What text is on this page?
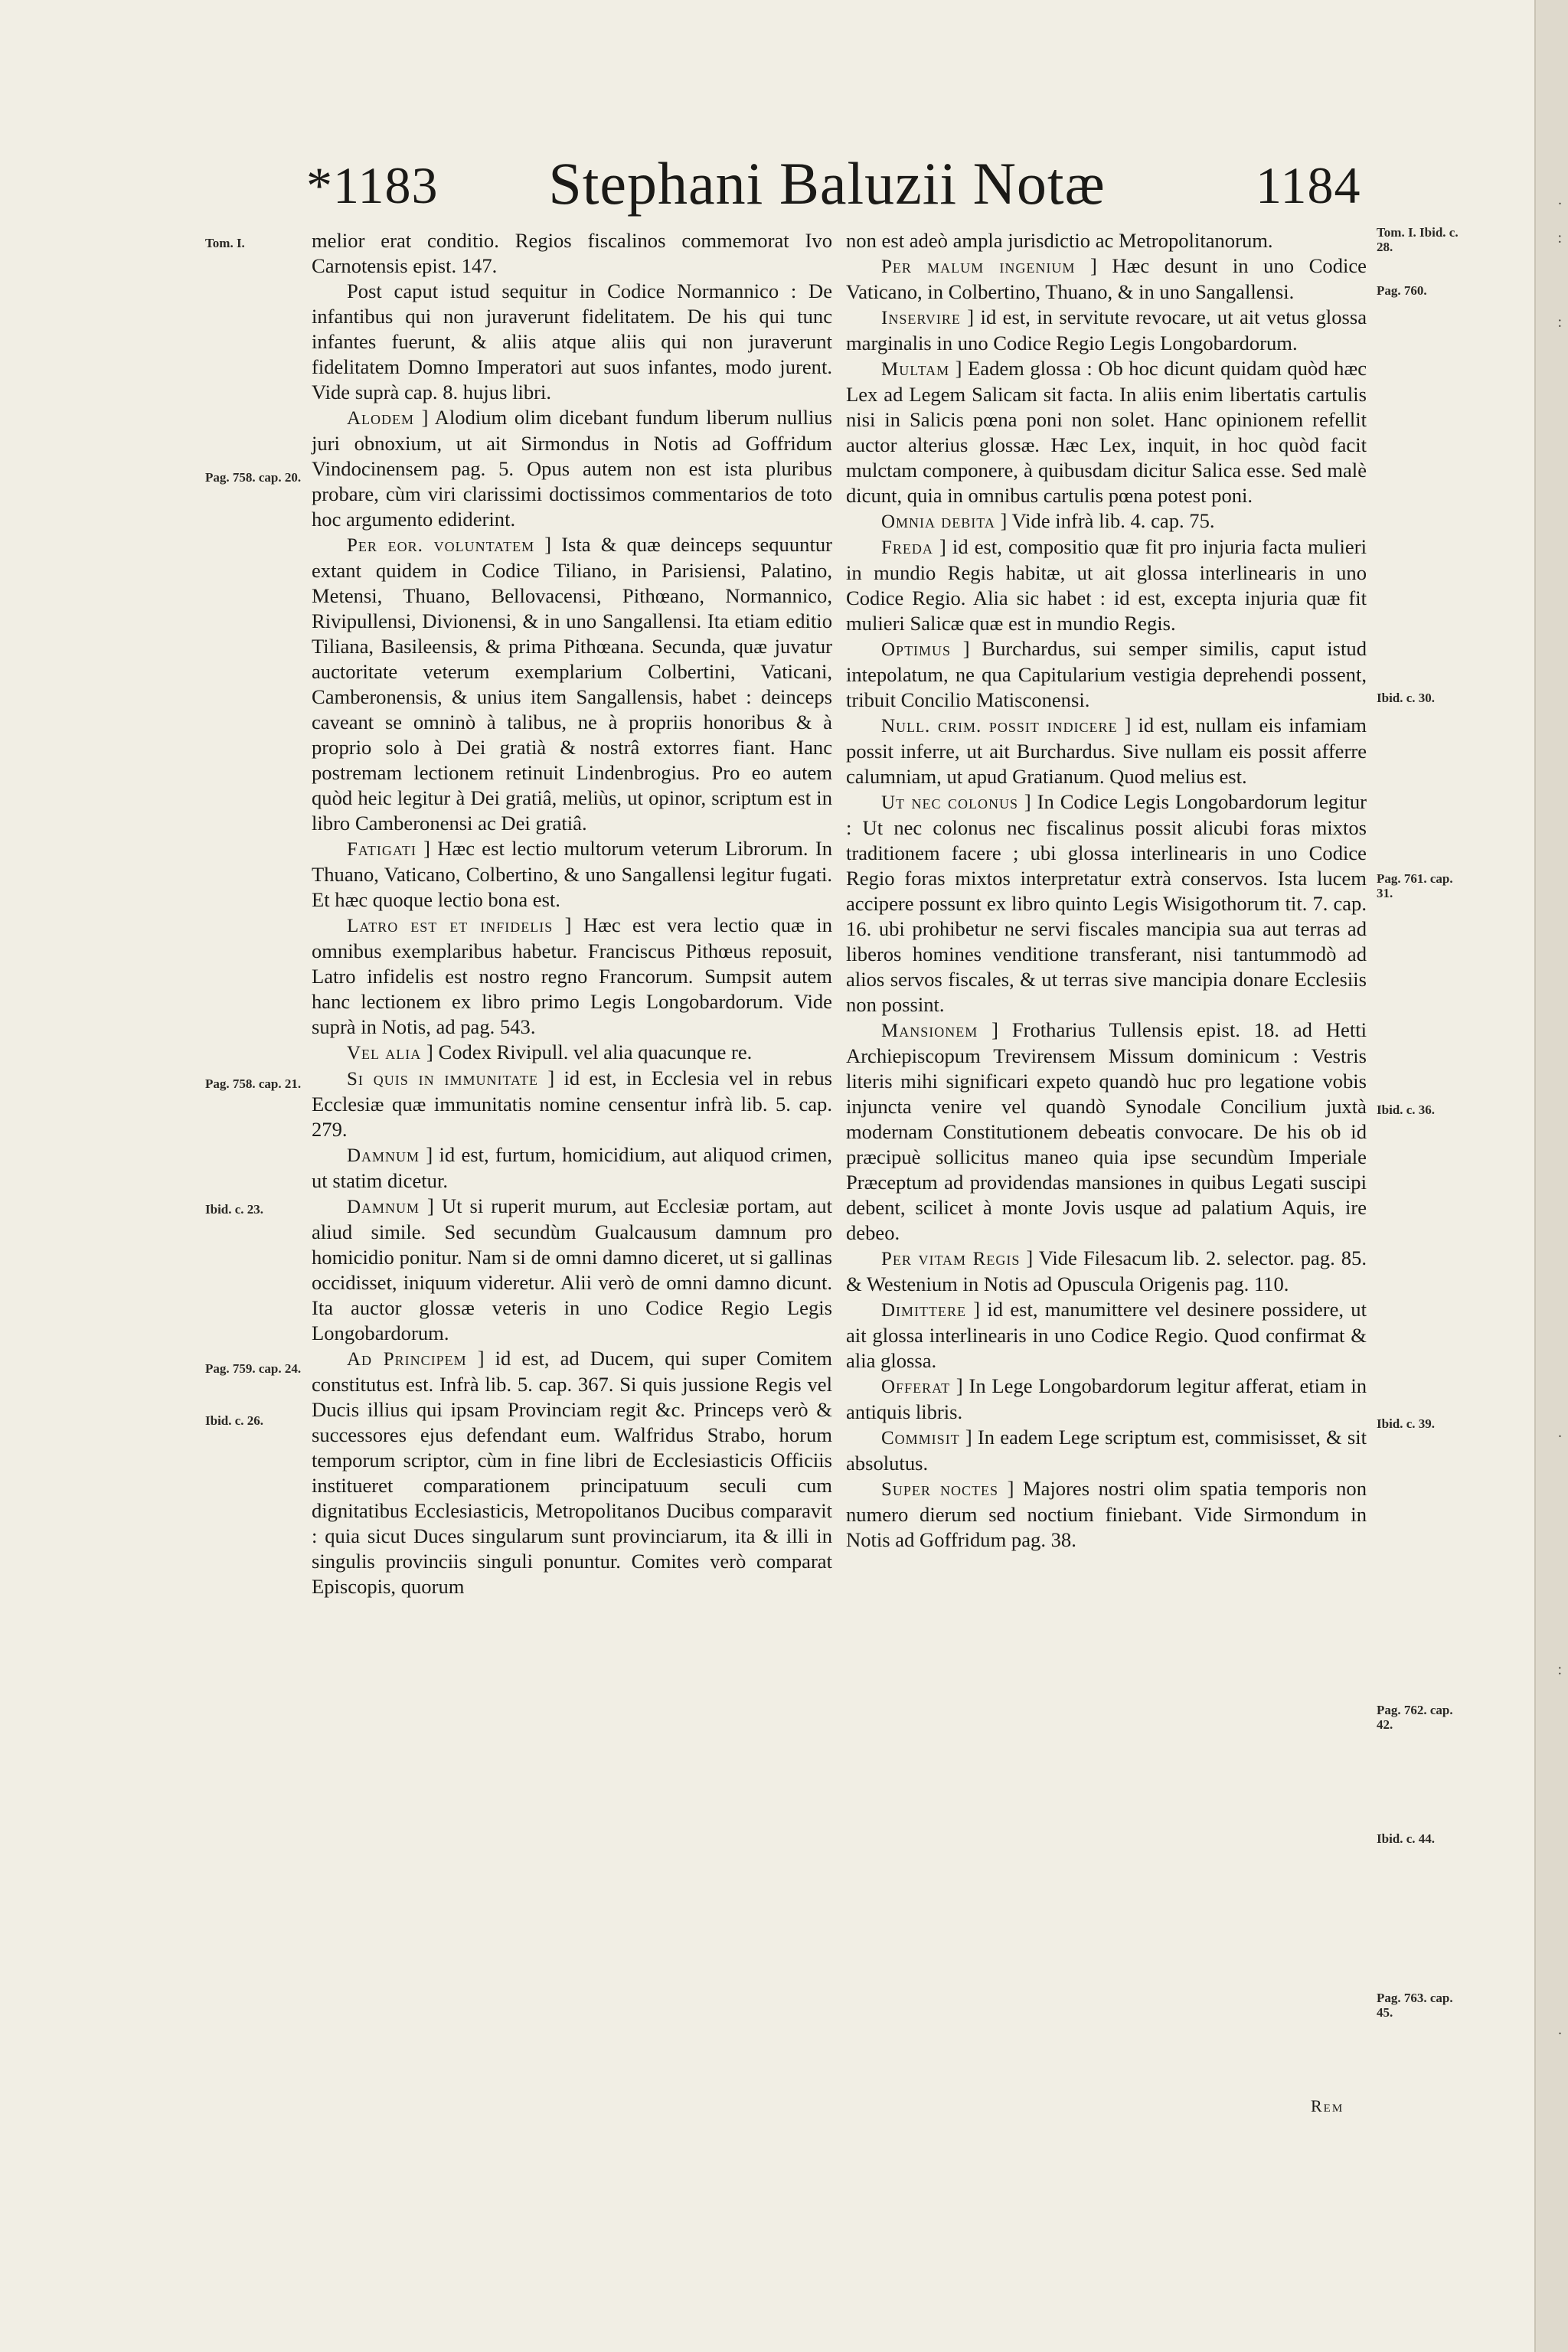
.
:
:
.
:
.
*1183	Stephani Baluzii Notæ	1184

melior erat conditio. Regios fiscalinos commemorat Ivo Carnotensis epist. 147.

Post caput istud sequitur in Codice Normannico : De infantibus qui non juraverunt fidelitatem. De his qui tunc infantes fuerunt, & aliis atque aliis qui non juraverunt fidelitatem Domno Imperatori aut suos infantes, modo jurent. Vide suprà cap. 8. hujus libri.

Alodem ] Alodium olim dicebant fundum liberum nullius juri obnoxium, ut ait Sirmondus in Notis ad Goffridum Vindocinensem pag. 5. Opus autem non est ista pluribus probare, cùm viri clarissimi doctissimos commentarios de toto hoc argumento ediderint.

Per eor. voluntatem ] Ista & quæ deinceps sequuntur extant quidem in Codice Tiliano, in Parisiensi, Palatino, Metensi, Thuano, Bellovacensi, Pithœano, Normannico, Rivipullensi, Divionensi, & in uno Sangallensi. Ita etiam editio Tiliana, Basileensis, & prima Pithœana. Secunda, quæ juvatur auctoritate veterum exemplarium Colbertini, Vaticani, Camberonensis, & unius item Sangallensis, habet : deinceps caveant se omninò à talibus, ne à propriis honoribus & à proprio solo à Dei gratià & nostrâ extorres fiant. Hanc postremam lectionem retinuit Lindenbrogius. Pro eo autem quòd heic legitur à Dei gratiâ, meliùs, ut opinor, scriptum est in libro Camberonensi ac Dei gratiâ.

Fatigati ] Hæc est lectio multorum veterum Librorum. In Thuano, Vaticano, Colbertino, & uno Sangallensi legitur fugati. Et hæc quoque lectio bona est.

Latro est et infidelis ] Hæc est vera lectio quæ in omnibus exemplaribus habetur. Franciscus Pithœus reposuit, Latro infidelis est nostro regno Francorum. Sumpsit autem hanc lectionem ex libro primo Legis Longobardorum. Vide suprà in Notis, ad pag. 543.

Vel alia ] Codex Rivipull. vel alia quacunque re.

Si quis in immunitate ] id est, in Ecclesia vel in rebus Ecclesiæ quæ immunitatis nomine censentur infrà lib. 5. cap. 279.

Damnum ] id est, furtum, homicidium, aut aliquod crimen, ut statim dicetur.

Damnum ] Ut si ruperit murum, aut Ecclesiæ portam, aut aliud simile. Sed secundùm Gualcausum damnum pro homicidio ponitur. Nam si de omni damno diceret, ut si gallinas occidisset, iniquum videretur. Alii verò de omni damno dicunt. Ita auctor glossæ veteris in uno Codice Regio Legis Longobardorum.

Ad Principem ] id est, ad Ducem, qui super Comitem constitutus est. Infrà lib. 5. cap. 367. Si quis jussione Regis vel Ducis illius qui ipsam Provinciam regit &c. Princeps verò & successores ejus defendant eum. Walfridus Strabo, horum temporum scriptor, cùm in fine libri de Ecclesiasticis Officiis institueret comparationem principatuum seculi cum dignitatibus Ecclesiasticis, Metropolitanos Ducibus comparavit : quia sicut Duces singularum sunt provinciarum, ita & illi in singulis provinciis singuli ponuntur. Comites verò comparat Episcopis, quorum

non est adeò ampla jurisdictio ac Metropolitanorum.

Per malum ingenium ] Hæc desunt in uno Codice Vaticano, in Colbertino, Thuano, & in uno Sangallensi.

Inservire ] id est, in servitute revocare, ut ait vetus glossa marginalis in uno Codice Regio Legis Longobardorum.

Multam ] Eadem glossa : Ob hoc dicunt quidam quòd hæc Lex ad Legem Salicam sit facta. In aliis enim libertatis cartulis nisi in Salicis pœna poni non solet. Hanc opinionem refellit auctor alterius glossæ. Hæc Lex, inquit, in hoc quòd facit mulctam componere, à quibusdam dicitur Salica esse. Sed malè dicunt, quia in omnibus cartulis pœna potest poni.

Omnia debita ] Vide infrà lib. 4. cap. 75.

Freda ] id est, compositio quæ fit pro injuria facta mulieri in mundio Regis habitæ, ut ait glossa interlinearis in uno Codice Regio. Alia sic habet : id est, excepta injuria quæ fit mulieri Salicæ quæ est in mundio Regis.

Optimus ] Burchardus, sui semper similis, caput istud intepolatum, ne qua Capitularium vestigia deprehendi possent, tribuit Concilio Matisconensi.

Null. crim. possit indicere ] id est, nullam eis infamiam possit inferre, ut ait Burchardus. Sive nullam eis possit afferre calumniam, ut apud Gratianum. Quod melius est.

Ut nec colonus ] In Codice Legis Longobardorum legitur : Ut nec colonus nec fiscalinus possit alicubi foras mixtos traditionem facere ; ubi glossa interlinearis in uno Codice Regio foras mixtos interpretatur extrà conservos. Ista lucem accipere possunt ex libro quinto Legis Wisigothorum tit. 7. cap. 16. ubi prohibetur ne servi fiscales mancipia sua aut terras ad liberos homines venditione transferant, nisi tantummodò ad alios servos fiscales, & ut terras sive mancipia donare Ecclesiis non possint.

Mansionem ] Frotharius Tullensis epist. 18. ad Hetti Archiepiscopum Trevirensem Missum dominicum : Vestris literis mihi significari expeto quandò huc pro legatione vobis injuncta venire vel quandò Synodale Concilium juxtà modernam Constitutionem debeatis convocare. De his ob id præcipuè sollicitus maneo quia ipse secundùm Imperiale Præceptum ad providendas mansiones in quibus Legati suscipi debent, scilicet à monte Jovis usque ad palatium Aquis, ire debeo.

Per vitam Regis ] Vide Filesacum lib. 2. selector. pag. 85. & Westenium in Notis ad Opuscula Origenis pag. 110.

Dimittere ] id est, manumittere vel desinere possidere, ut ait glossa interlinearis in uno Codice Regio. Quod confirmat & alia glossa.

Offerat ] In Lege Longobardorum legitur afferat, etiam in antiquis libris.

Commisit ] In eadem Lege scriptum est, commisisset, & sit absolutus.

Super noctes ] Majores nostri olim spatia temporis non numero dierum sed noctium finiebant. Vide Sirmondum in Notis ad Goffridum pag. 38.

Tom. I.
Pag. 758. cap. 20.
Pag. 758. cap. 21.
Ibid. c. 23.
Pag. 759. cap. 24.
Ibid. c. 26.
Tom. I. Ibid. c. 28.
Pag. 760.
Ibid. c. 30.
Pag. 761. cap. 31.
Ibid. c. 36.
Ibid. c. 39.
Pag. 762. cap. 42.
Ibid. c. 44.
Pag. 763. cap. 45.
Rem
